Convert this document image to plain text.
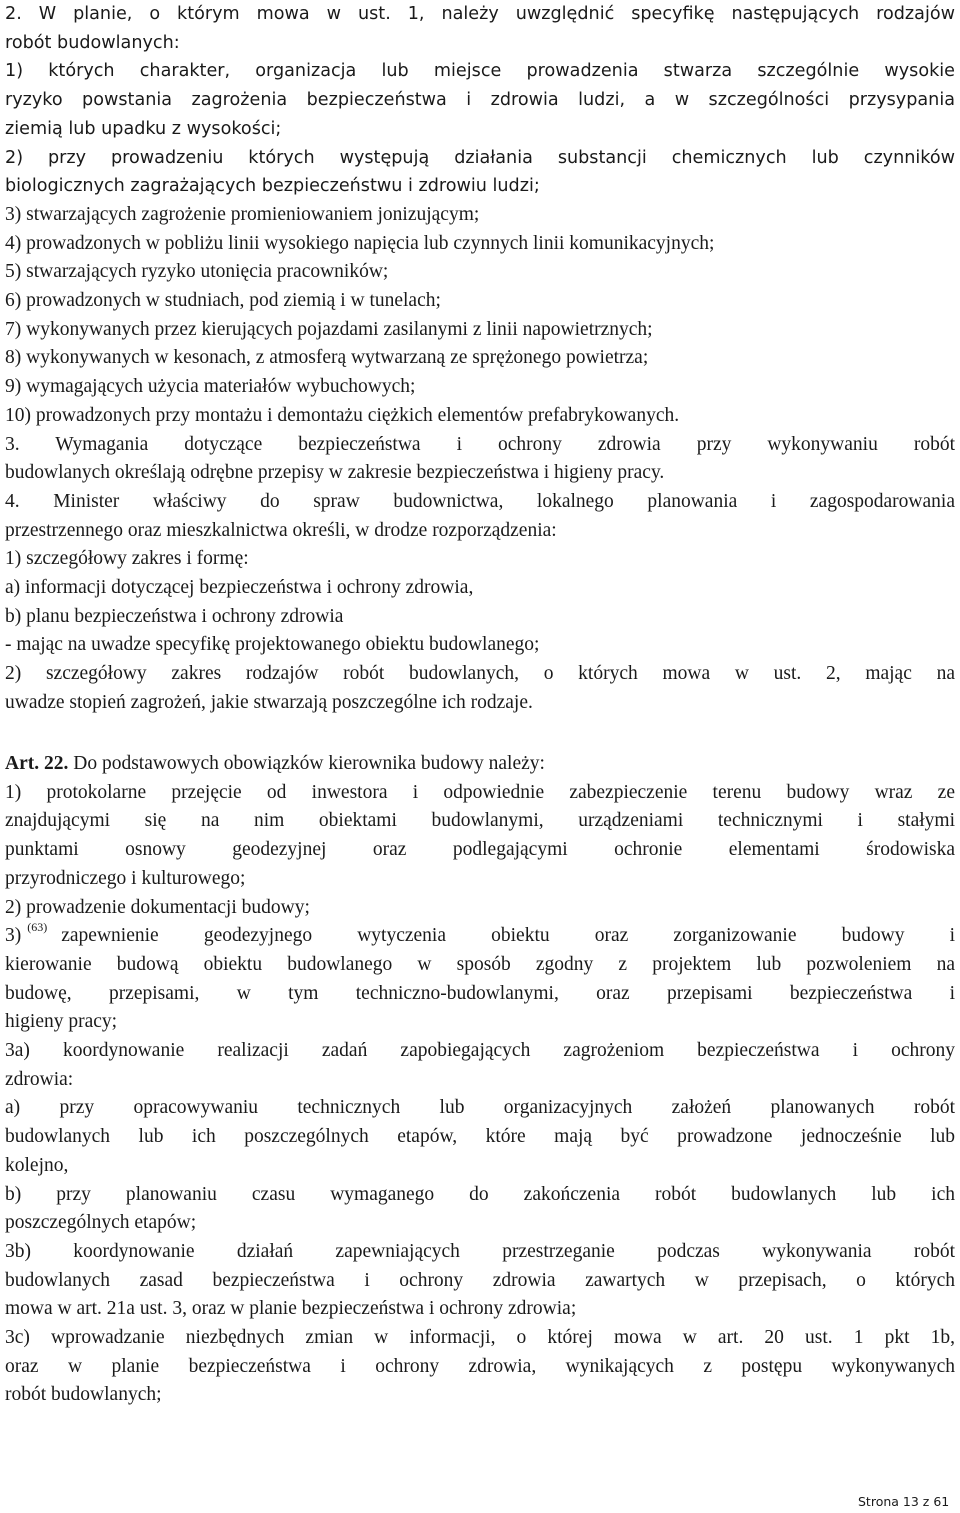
2. W planie, o którym mowa w ust. 1, należy uwzględnić specyfikę następujących rodzajów
robót budowlanych:
1) których charakter, organizacja lub miejsce prowadzenia stwarza szczególnie wysokie
ryzyko powstania zagrożenia bezpieczeństwa i zdrowia ludzi, a w szczególności przysypania
ziemią lub upadku z wysokości;
2) przy prowadzeniu których występują działania substancji chemicznych lub czynników
biologicznych zagrażających bezpieczeństwu i zdrowiu ludzi;
3) stwarzających zagrożenie promieniowaniem jonizującym;
4) prowadzonych w pobliżu linii wysokiego napięcia lub czynnych linii komunikacyjnych;
5) stwarzających ryzyko utonięcia pracowników;
6) prowadzonych w studniach, pod ziemią i w tunelach;
7) wykonywanych przez kierujących pojazdami zasilanymi z linii napowietrznych;
8) wykonywanych w kesonach, z atmosferą wytwarzaną ze sprężonego powietrza;
9) wymagających użycia materiałów wybuchowych;
10) prowadzonych przy montażu i demontażu ciężkich elementów prefabrykowanych.
3. Wymagania dotyczące bezpieczeństwa i ochrony zdrowia przy wykonywaniu robót
budowlanych określają odrębne przepisy w zakresie bezpieczeństwa i higieny pracy.
4. Minister właściwy do spraw budownictwa, lokalnego planowania i zagospodarowania
przestrzennego oraz mieszkalnictwa określi, w drodze rozporządzenia:
1) szczegółowy zakres i formę:
a) informacji dotyczącej bezpieczeństwa i ochrony zdrowia,
b) planu bezpieczeństwa i ochrony zdrowia
- mając na uwadze specyfikę projektowanego obiektu budowlanego;
2) szczegółowy zakres rodzajów robót budowlanych, o których mowa w ust. 2, mając na
uwadze stopień zagrożeń, jakie stwarzają poszczególne ich rodzaje.
Art. 22. Do podstawowych obowiązków kierownika budowy należy:
1) protokolarne przejęcie od inwestora i odpowiednie zabezpieczenie terenu budowy wraz ze
znajdującymi się na nim obiektami budowlanymi, urządzeniami technicznymi i stałymi
punktami osnowy geodezyjnej oraz podlegającymi ochronie elementami środowiska
przyrodniczego i kulturowego;
2) prowadzenie dokumentacji budowy;
3) $^{(63)}$ zapewnienie geodezyjnego wytyczenia obiektu oraz zorganizowanie budowy i
kierowanie budową obiektu budowlanego w sposób zgodny z projektem lub pozwoleniem na
budowę, przepisami, w tym techniczno-budowlanymi, oraz przepisami bezpieczeństwa i
higieny pracy;
3a) koordynowanie realizacji zadań zapobiegających zagrożeniom bezpieczeństwa i ochrony
zdrowia:
a) przy opracowywaniu technicznych lub organizacyjnych założeń planowanych robót
budowlanych lub ich poszczególnych etapów, które mają być prowadzone jednocześnie lub
kolejno,
b) przy planowaniu czasu wymaganego do zakończenia robót budowlanych lub ich
poszczególnych etapów;
3b) koordynowanie działań zapewniających przestrzeganie podczas wykonywania robót
budowlanych zasad bezpieczeństwa i ochrony zdrowia zawartych w przepisach, o których
mowa w art. 21a ust. 3, oraz w planie bezpieczeństwa i ochrony zdrowia;
3c) wprowadzanie niezbędnych zmian w informacji, o której mowa w art. 20 ust. 1 pkt 1b,
oraz w planie bezpieczeństwa i ochrony zdrowia, wynikających z postępu wykonywanych
robót budowlanych;
Strona 13 z 61
